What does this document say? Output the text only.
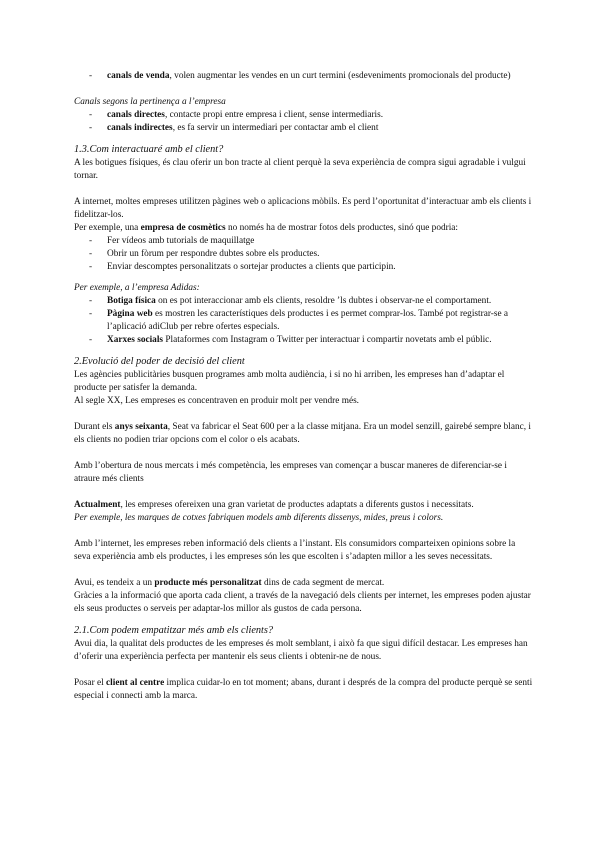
- canals de venda, volen augmentar les vendes en un curt termini (esdeveniments promocionals del producte)

Canals segons la pertinença a l’empresa

- canals directes, contacte propi entre empresa i client, sense intermediaris.

- canals indirectes, es fa servir un intermediari per contactar amb el client

1.3.Com interactuaré amb el client?

A les botigues físiques, és clau oferir un bon tracte al client perquè la seva experiència de compra sigui agradable i vulgui tornar.

A internet, moltes empreses utilitzen pàgines web o aplicacions mòbils. Es perd l’oportunitat d’interactuar amb els clients i fidelitzar-los.

Per exemple, una empresa de cosmètics no només ha de mostrar fotos dels productes, sinó que podria:

- Fer vídeos amb tutorials de maquillatge

- Obrir un fòrum per respondre dubtes sobre els productes.

- Enviar descomptes personalitzats o sortejar productes a clients que participin.

Per exemple, a l’empresa Adidas:

- Botiga física on es pot interaccionar amb els clients, resoldre ’ls dubtes i observar-ne el comportament.

- Pàgina web es mostren les característiques dels productes i es permet comprar-los. També pot registrar-se a l’aplicació adiClub per rebre ofertes especials.

- Xarxes socials Plataformes com Instagram o Twitter per interactuar i compartir novetats amb el públic.

2.Evolució del poder de decisió del client

Les agències publicitàries busquen programes amb molta audiència, i si no hi arriben, les empreses han d’adaptar el producte per satisfer la demanda.

Al segle XX, Les empreses es concentraven en produir molt per vendre més.

Durant els anys seixanta, Seat va fabricar el Seat 600 per a la classe mitjana. Era un model senzill, gairebé sempre blanc, i els clients no podien triar opcions com el color o els acabats.

Amb l’obertura de nous mercats i més competència, les empreses van començar a buscar maneres de diferenciar-se i atraure més clients

Actualment, les empreses ofereixen una gran varietat de productes adaptats a diferents gustos i necessitats.

Per exemple, les marques de cotxes fabriquen models amb diferents dissenys, mides, preus i colors.

Amb l’internet, les empreses reben informació dels clients a l’instant. Els consumidors comparteixen opinions sobre la seva experiència amb els productes, i les empreses són les que escolten i s’adapten millor a les seves necessitats.

Avui, es tendeix a un producte més personalitzat dins de cada segment de mercat.

Gràcies a la informació que aporta cada client, a través de la navegació dels clients per internet, les empreses poden ajustar els seus productes o serveis per adaptar-los millor als gustos de cada persona.

2.1.Com podem empatitzar més amb els clients?

Avui dia, la qualitat dels productes de les empreses és molt semblant, i això fa que sigui difícil destacar. Les empreses han d’oferir una experiència perfecta per mantenir els seus clients i obtenir-ne de nous.

Posar el client al centre implica cuidar-lo en tot moment; abans, durant i després de la compra del producte perquè se senti especial i connecti amb la marca.
